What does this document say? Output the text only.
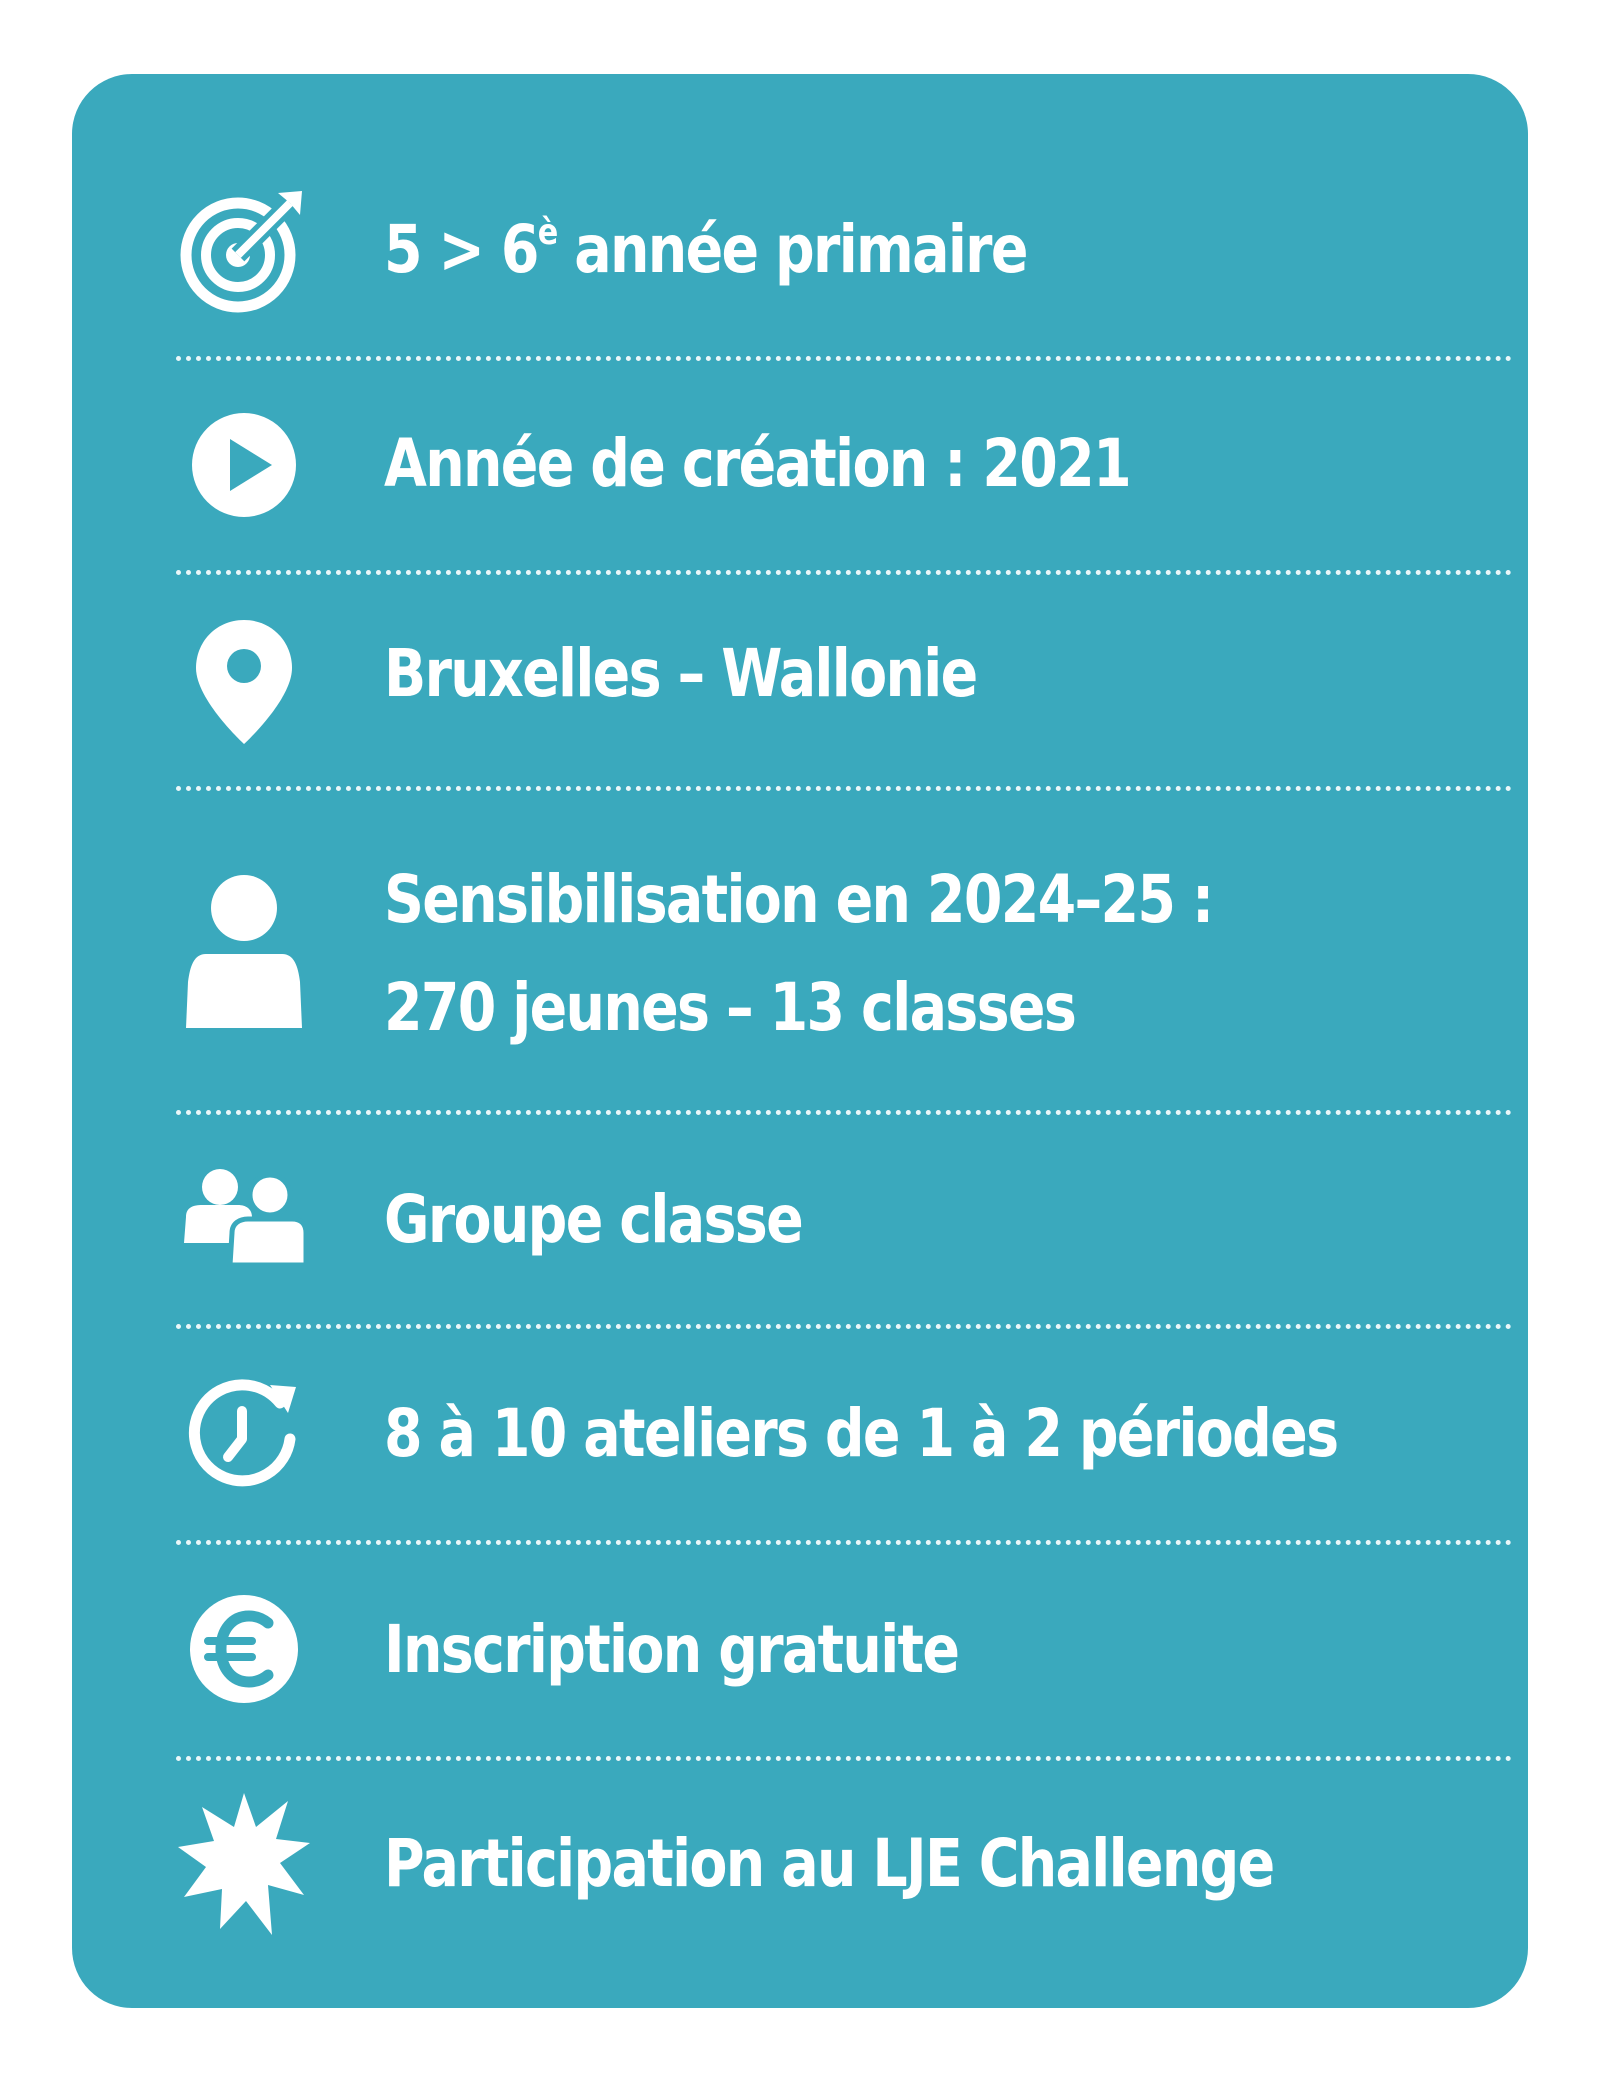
$5 > 6^è$ année primaire
Année de création : 2021
Bruxelles – Wallonie
Sensibilisation en 2024–25 :
270 jeunes – 13 classes
Groupe classe
8 à 10 ateliers de 1 à 2 périodes
Inscription gratuite
Participation au LJE Challenge
